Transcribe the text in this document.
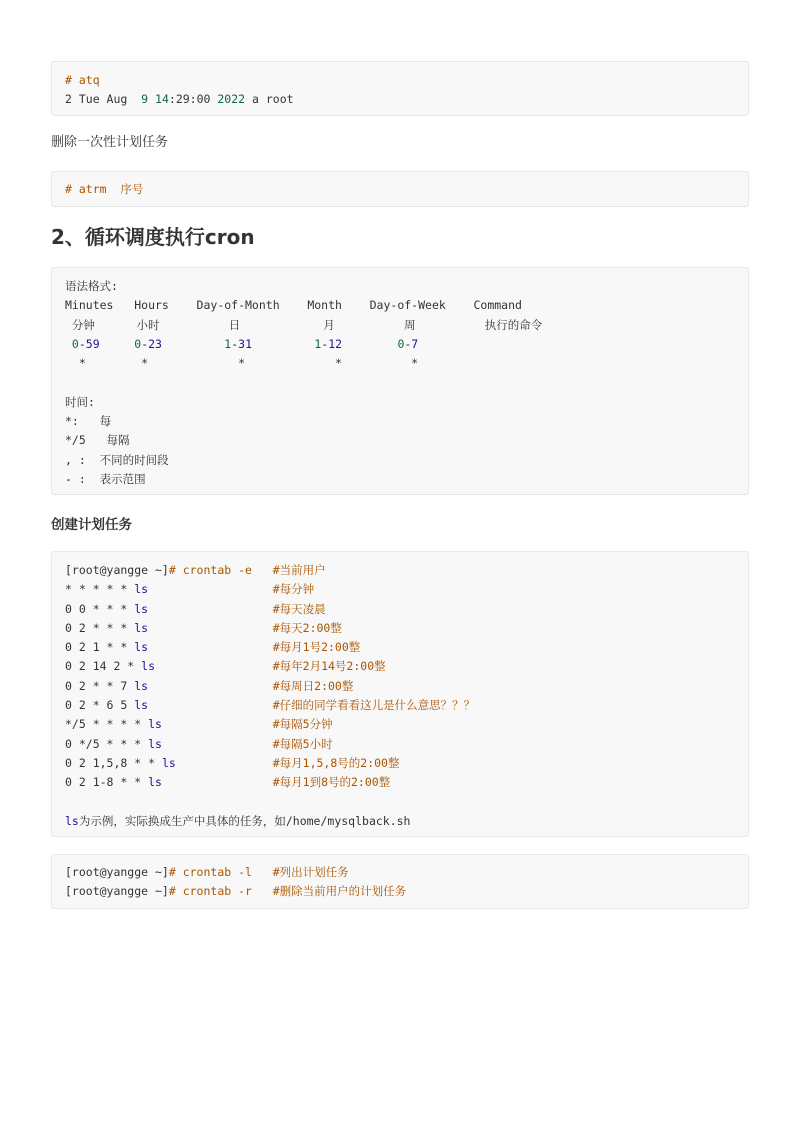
# atq
2 Tue Aug  9 14:29:00 2022 a root

删除一次性计划任务

# atrm  序号
2、循环调度执行cron
语法格式:
Minutes   Hours    Day-of-Month    Month    Day-of-Week    Command
分钟      小时          日            月          周          执行的命令
0-59	0-23	1-31	1-12	0-7
*        *             *             *          *
时间:
*:   每
*/5   每隔
, :  不同的时间段
- :  表示范围
创建计划任务
[root@yangge ~]# crontab -e   #当前用户
* * * * * ls                  #每分钟
0 0 * * * ls                  #每天凌晨
0 2 * * * ls                  #每天2:00整
0 2 1 * * ls                  #每月1号2:00整
0 2 14 2 * ls                 #每年2月14号2:00整
0 2 * * 7 ls                  #每周日2:00整
0 2 * 6 5 ls                  #仔细的同学看看这儿是什么意思？？？
*/5 * * * * ls                #每隔5分钟
0 */5 * * * ls                #每隔5小时
0 2 1,5,8 * * ls              #每月1,5,8号的2:00整
0 2 1-8 * * ls                #每月1到8号的2:00整
ls为示例，实际换成生产中具体的任务，如/home/mysqlback.sh
[root@yangge ~]# crontab -l   #列出计划任务
[root@yangge ~]# crontab -r   #删除当前用户的计划任务
